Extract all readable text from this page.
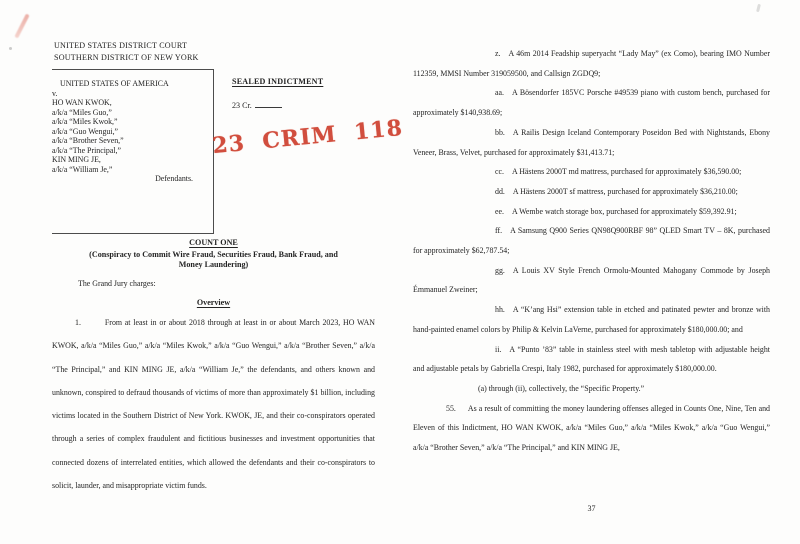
UNITED STATES DISTRICT COURT
SOUTHERN DISTRICT OF NEW YORK

UNITED STATES OF AMERICA

v.

HO WAN KWOK,

a/k/a “Miles Guo,”

a/k/a “Miles Kwok,”

a/k/a “Guo Wengui,”

a/k/a “Brother Seven,”

a/k/a “The Principal,”

KIN MING JE,

a/k/a “William Je,”

Defendants.

SEALED INDICTMENT
23 Cr.
23 CRIM 118
COUNT ONE
(Conspiracy to Commit Wire Fraud, Securities Fraud, Bank Fraud, and
Money Laundering)
The Grand Jury charges:
Overview

1.	From at least in or about 2018 through at least in or about March 2023, HO WAN KWOK, a/k/a “Miles Guo,” a/k/a “Miles Kwok,” a/k/a “Guo Wengui,” a/k/a “Brother Seven,” a/k/a “The Principal,” and KIN MING JE, a/k/a “William Je,” the defendants, and others known and unknown, conspired to defraud thousands of victims of more than approximately $1 billion, including victims located in the Southern District of New York. KWOK, JE, and their co-conspirators operated through a series of complex fraudulent and fictitious businesses and investment opportunities that connected dozens of interrelated entities, which allowed the defendants and their co-conspirators to solicit, launder, and misappropriate victim funds.

z. A 46m 2014 Feadship superyacht “Lady May” (ex Como), bearing IMO Number 112359, MMSI Number 319059500, and Callsign ZGDQ9;

aa. A Bösendorfer 185VC Porsche #49539 piano with custom bench, purchased for approximately $140,938.69;

bb. A Railis Design Iceland Contemporary Poseidon Bed with Nightstands, Ebony Veneer, Brass, Velvet, purchased for approximately $31,413.71;

cc. A Hästens 2000T md mattress, purchased for approximately $36,590.00;

dd. A Hästens 2000T sf mattress, purchased for approximately $36,210.00;

ee. A Wembe watch storage box, purchased for approximately $59,392.91;

ff. A Samsung Q900 Series QN98Q900RBF 98” QLED Smart TV – 8K, purchased for approximately $62,787.54;

gg. A Louis XV Style French Ormolu-Mounted Mahogany Commode by Joseph Émmanuel Zweiner;

hh. A “K’ang Hsi” extension table in etched and patinated pewter and bronze with hand-painted enamel colors by Philip & Kelvin LaVerne, purchased for approximately $180,000.00; and

ii. A “Punto ’83” table in stainless steel with mesh tabletop with adjustable height and adjustable petals by Gabriella Crespi, Italy 1982, purchased for approximately $180,000.00.

(a) through (ii), collectively, the “Specific Property.”

55. As a result of committing the money laundering offenses alleged in Counts One, Nine, Ten and Eleven of this Indictment, HO WAN KWOK, a/k/a “Miles Guo,” a/k/a “Miles Kwok,” a/k/a “Guo Wengui,” a/k/a “Brother Seven,” a/k/a “The Principal,” and KIN MING JE,

37
